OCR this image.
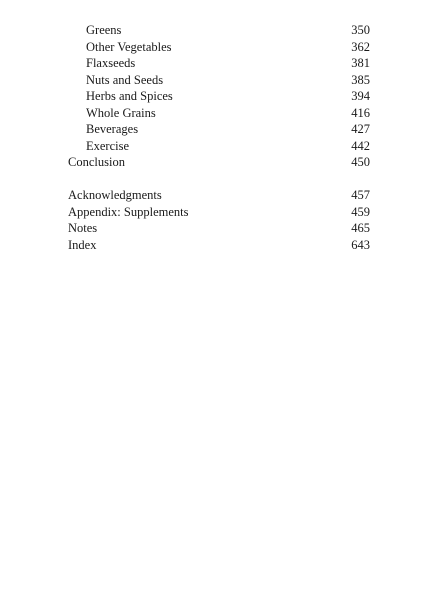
Greens	350
Other Vegetables	362
Flaxseeds	381
Nuts and Seeds	385
Herbs and Spices	394
Whole Grains	416
Beverages	427
Exercise	442
Conclusion	450
Acknowledgments	457
Appendix: Supplements	459
Notes	465
Index	643
